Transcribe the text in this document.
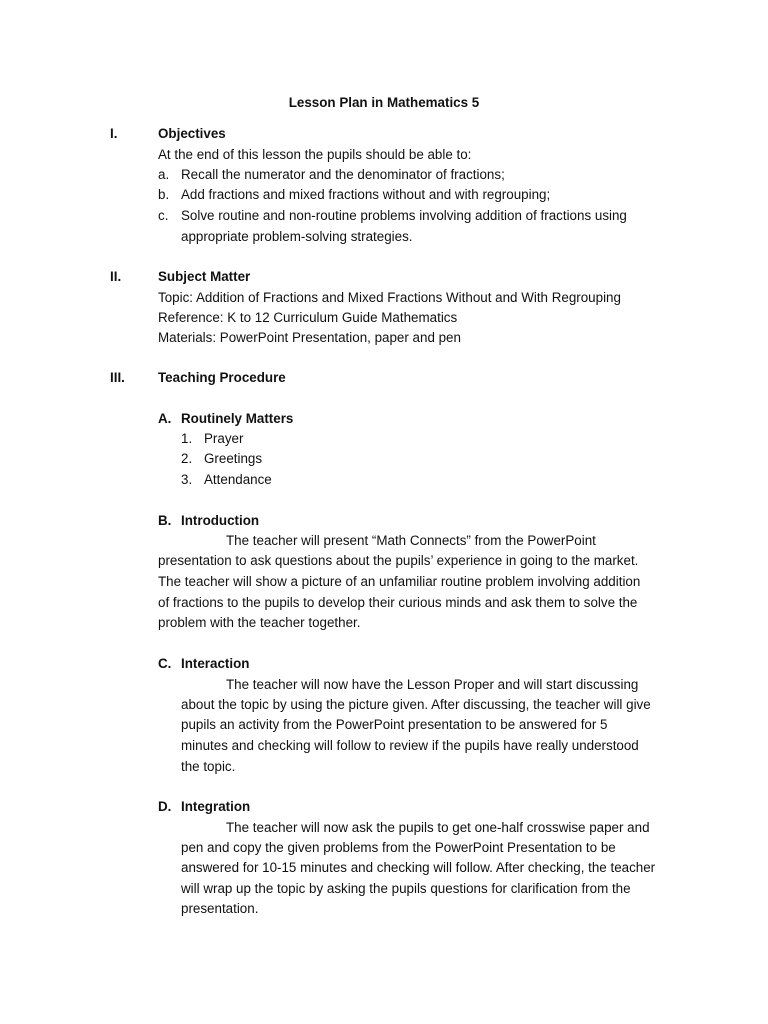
Lesson Plan in Mathematics 5
I.	Objectives
At the end of this lesson the pupils should be able to:
a. Recall the numerator and the denominator of fractions;
b. Add fractions and mixed fractions without and with regrouping;
c. Solve routine and non-routine problems involving addition of fractions using
appropriate problem-solving strategies.
II.	Subject Matter
Topic: Addition of Fractions and Mixed Fractions Without and With Regrouping
Reference: K to 12 Curriculum Guide Mathematics
Materials: PowerPoint Presentation, paper and pen
III. Teaching Procedure
A. Routinely Matters
1. Prayer
2. Greetings
3. Attendance
B. Introduction
The teacher will present “Math Connects” from the PowerPoint
presentation to ask questions about the pupils’ experience in going to the market.
The teacher will show a picture of an unfamiliar routine problem involving addition
of fractions to the pupils to develop their curious minds and ask them to solve the
problem with the teacher together.
C. Interaction
The teacher will now have the Lesson Proper and will start discussing
about the topic by using the picture given. After discussing, the teacher will give
pupils an activity from the PowerPoint presentation to be answered for 5
minutes and checking will follow to review if the pupils have really understood
the topic.
D. Integration
The teacher will now ask the pupils to get one-half crosswise paper and
pen and copy the given problems from the PowerPoint Presentation to be
answered for 10-15 minutes and checking will follow. After checking, the teacher
will wrap up the topic by asking the pupils questions for clarification from the
presentation.
